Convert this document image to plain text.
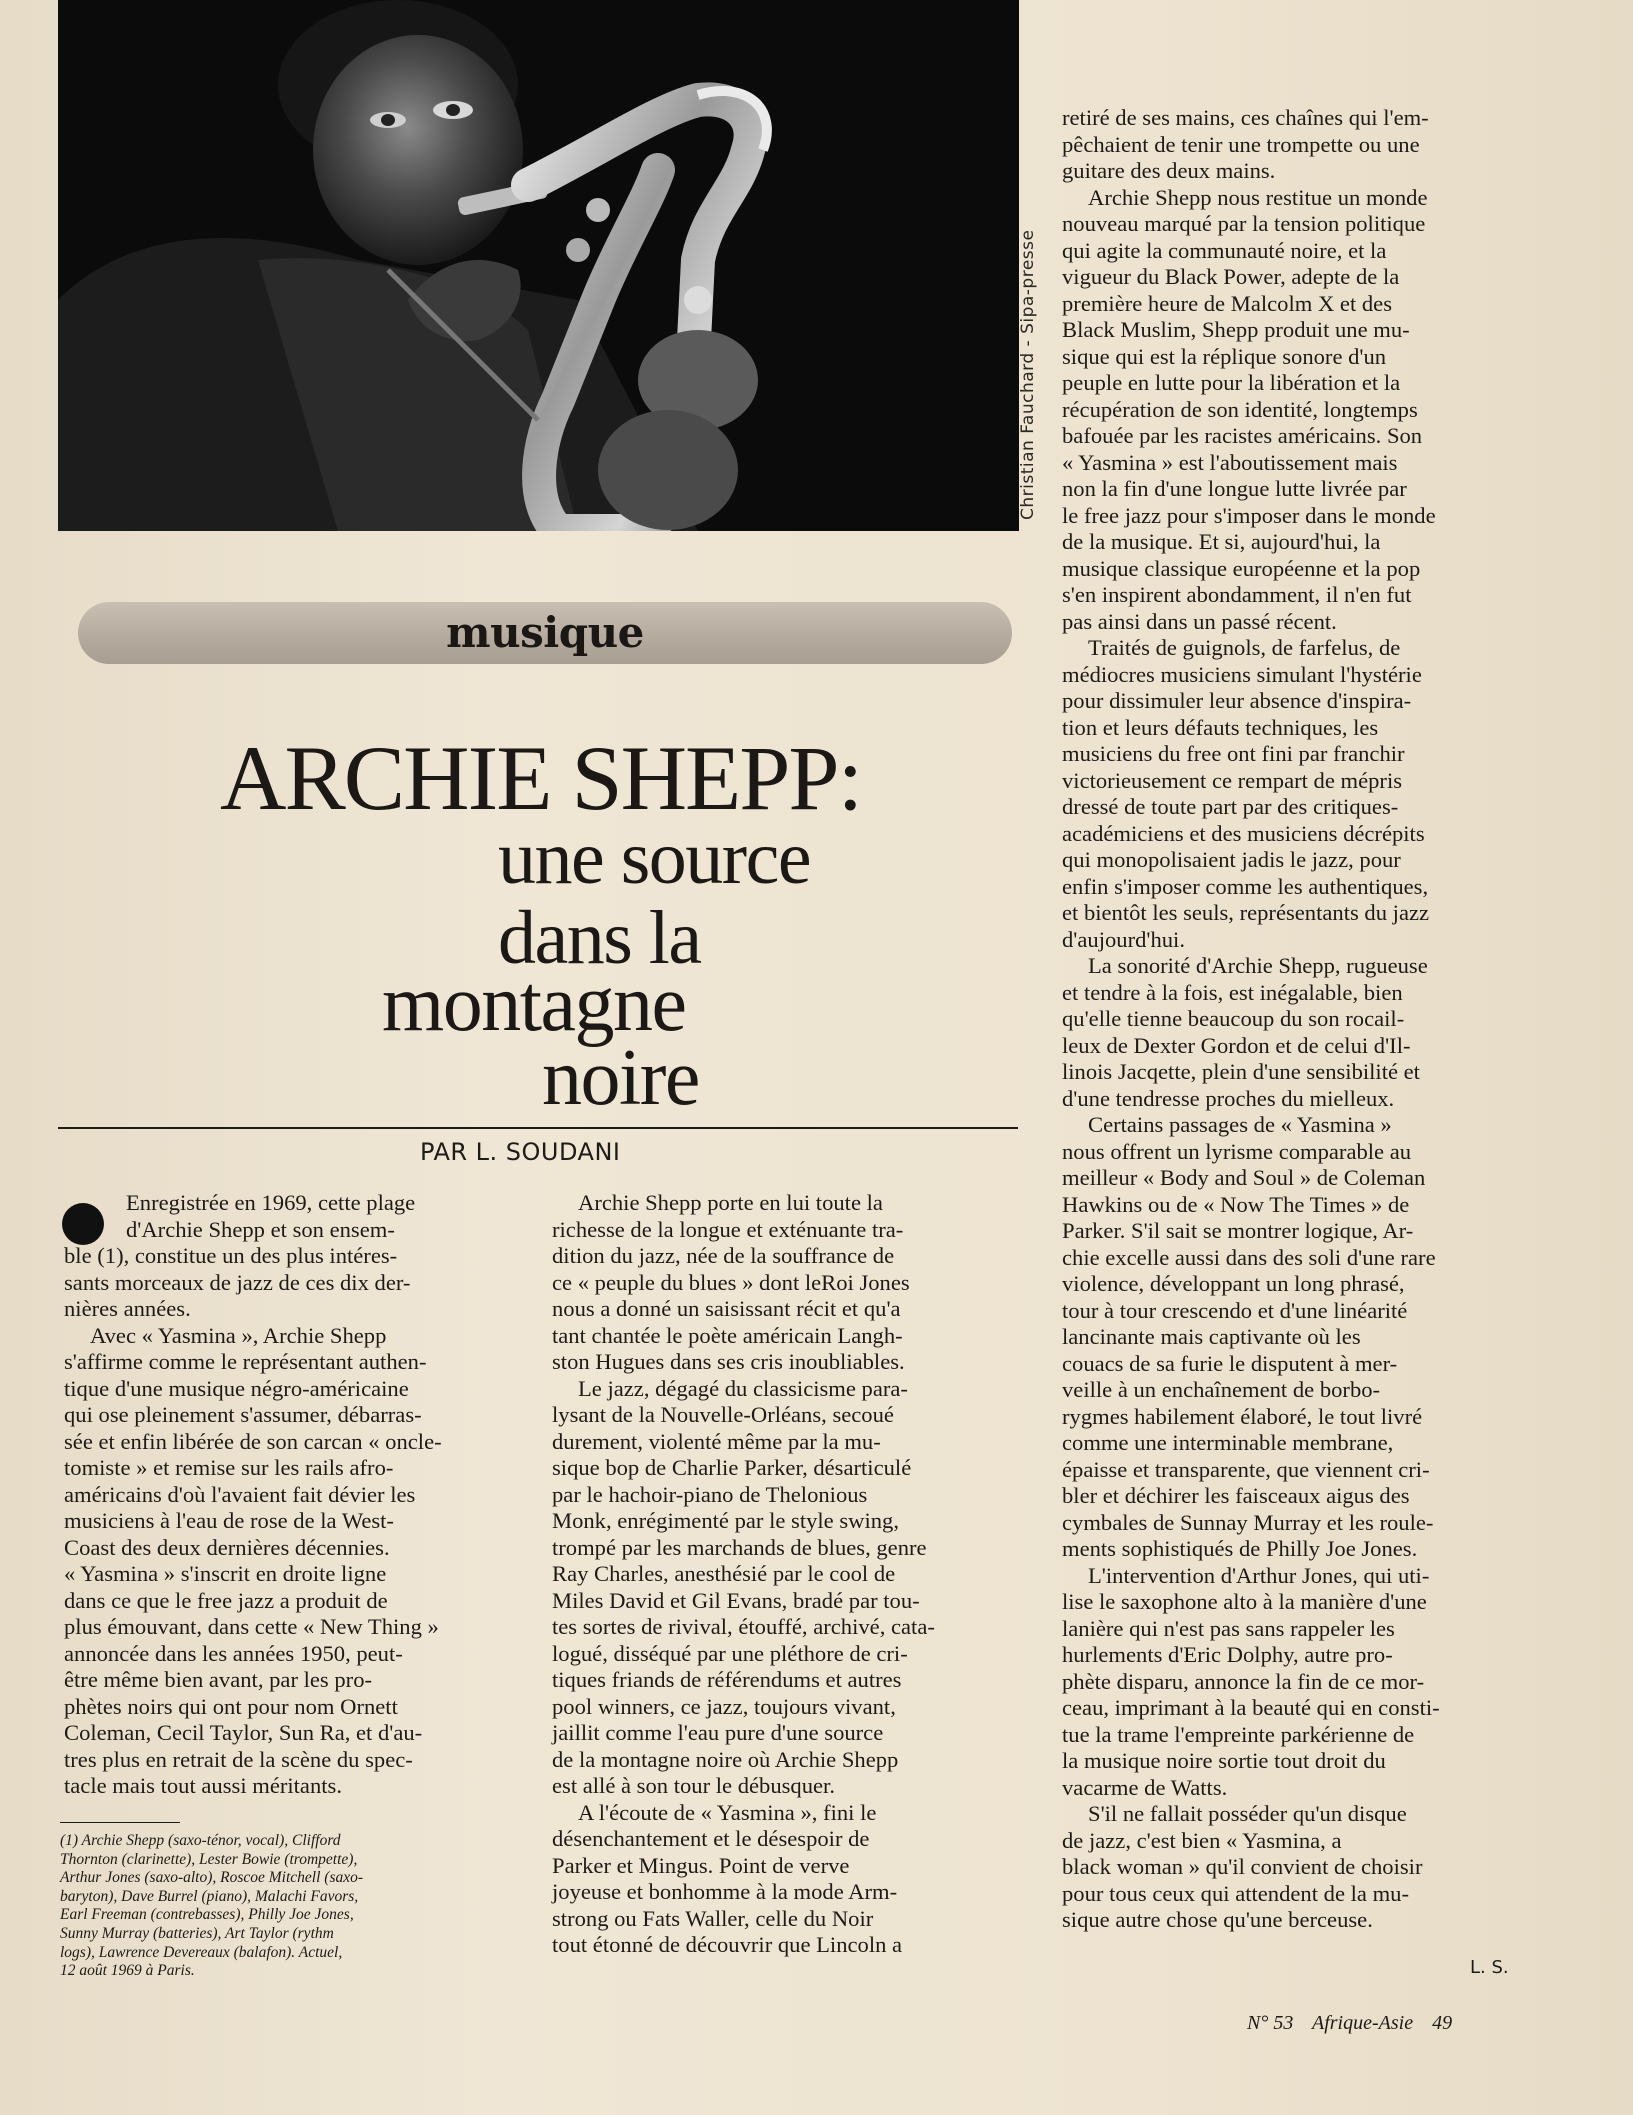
Christian Fauchard - Sipa-presse
musique
ARCHIE SHEPP:
une source
dans la
montagne
noire
PAR L. SOUDANI
Enregistrée en 1969, cette plage
d'Archie Shepp et son ensem-
ble (1), constitue un des plus intéres-
sants morceaux de jazz de ces dix der-
nières années.
Avec « Yasmina », Archie Shepp
s'affirme comme le représentant authen-
tique d'une musique négro-américaine
qui ose pleinement s'assumer, débarras-
sée et enfin libérée de son carcan « oncle-
tomiste » et remise sur les rails afro-
américains d'où l'avaient fait dévier les
musiciens à l'eau de rose de la West-
Coast des deux dernières décennies.
« Yasmina » s'inscrit en droite ligne
dans ce que le free jazz a produit de
plus émouvant, dans cette « New Thing »
annoncée dans les années 1950, peut-
être même bien avant, par les pro-
phètes noirs qui ont pour nom Ornett
Coleman, Cecil Taylor, Sun Ra, et d'au-
tres plus en retrait de la scène du spec-
tacle mais tout aussi méritants.
(1) Archie Shepp (saxo-ténor, vocal), Clifford
Thornton (clarinette), Lester Bowie (trompette),
Arthur Jones (saxo-alto), Roscoe Mitchell (saxo-
baryton), Dave Burrel (piano), Malachi Favors,
Earl Freeman (contrebasses), Philly Joe Jones,
Sunny Murray (batteries), Art Taylor (rythm
logs), Lawrence Devereaux (balafon). Actuel,
12 août 1969 à Paris.
Archie Shepp porte en lui toute la
richesse de la longue et exténuante tra-
dition du jazz, née de la souffrance de
ce « peuple du blues » dont leRoi Jones
nous a donné un saisissant récit et qu'a
tant chantée le poète américain Langh-
ston Hugues dans ses cris inoubliables.
Le jazz, dégagé du classicisme para-
lysant de la Nouvelle-Orléans, secoué
durement, violenté même par la mu-
sique bop de Charlie Parker, désarticulé
par le hachoir-piano de Thelonious
Monk, enrégimenté par le style swing,
trompé par les marchands de blues, genre
Ray Charles, anesthésié par le cool de
Miles David et Gil Evans, bradé par tou-
tes sortes de rivival, étouffé, archivé, cata-
logué, disséqué par une pléthore de cri-
tiques friands de référendums et autres
pool winners, ce jazz, toujours vivant,
jaillit comme l'eau pure d'une source
de la montagne noire où Archie Shepp
est allé à son tour le débusquer.
A l'écoute de « Yasmina », fini le
désenchantement et le désespoir de
Parker et Mingus. Point de verve
joyeuse et bonhomme à la mode Arm-
strong ou Fats Waller, celle du Noir
tout étonné de découvrir que Lincoln a
retiré de ses mains, ces chaînes qui l'em-
pêchaient de tenir une trompette ou une
guitare des deux mains.
Archie Shepp nous restitue un monde
nouveau marqué par la tension politique
qui agite la communauté noire, et la
vigueur du Black Power, adepte de la
première heure de Malcolm X et des
Black Muslim, Shepp produit une mu-
sique qui est la réplique sonore d'un
peuple en lutte pour la libération et la
récupération de son identité, longtemps
bafouée par les racistes américains. Son
« Yasmina » est l'aboutissement mais
non la fin d'une longue lutte livrée par
le free jazz pour s'imposer dans le monde
de la musique. Et si, aujourd'hui, la
musique classique européenne et la pop
s'en inspirent abondamment, il n'en fut
pas ainsi dans un passé récent.
Traités de guignols, de farfelus, de
médiocres musiciens simulant l'hystérie
pour dissimuler leur absence d'inspira-
tion et leurs défauts techniques, les
musiciens du free ont fini par franchir
victorieusement ce rempart de mépris
dressé de toute part par des critiques-
académiciens et des musiciens décrépits
qui monopolisaient jadis le jazz, pour
enfin s'imposer comme les authentiques,
et bientôt les seuls, représentants du jazz
d'aujourd'hui.
La sonorité d'Archie Shepp, rugueuse
et tendre à la fois, est inégalable, bien
qu'elle tienne beaucoup du son rocail-
leux de Dexter Gordon et de celui d'Il-
linois Jacqette, plein d'une sensibilité et
d'une tendresse proches du mielleux.
Certains passages de « Yasmina »
nous offrent un lyrisme comparable au
meilleur « Body and Soul » de Coleman
Hawkins ou de « Now The Times » de
Parker. S'il sait se montrer logique, Ar-
chie excelle aussi dans des soli d'une rare
violence, développant un long phrasé,
tour à tour crescendo et d'une linéarité
lancinante mais captivante où les
couacs de sa furie le disputent à mer-
veille à un enchaînement de borbo-
rygmes habilement élaboré, le tout livré
comme une interminable membrane,
épaisse et transparente, que viennent cri-
bler et déchirer les faisceaux aigus des
cymbales de Sunnay Murray et les roule-
ments sophistiqués de Philly Joe Jones.
L'intervention d'Arthur Jones, qui uti-
lise le saxophone alto à la manière d'une
lanière qui n'est pas sans rappeler les
hurlements d'Eric Dolphy, autre pro-
phète disparu, annonce la fin de ce mor-
ceau, imprimant à la beauté qui en consti-
tue la trame l'empreinte parkérienne de
la musique noire sortie tout droit du
vacarme de Watts.
S'il ne fallait posséder qu'un disque
de jazz, c'est bien « Yasmina, a
black woman » qu'il convient de choisir
pour tous ceux qui attendent de la mu-
sique autre chose qu'une berceuse.
L. S.
N° 53 Afrique-Asie 49
